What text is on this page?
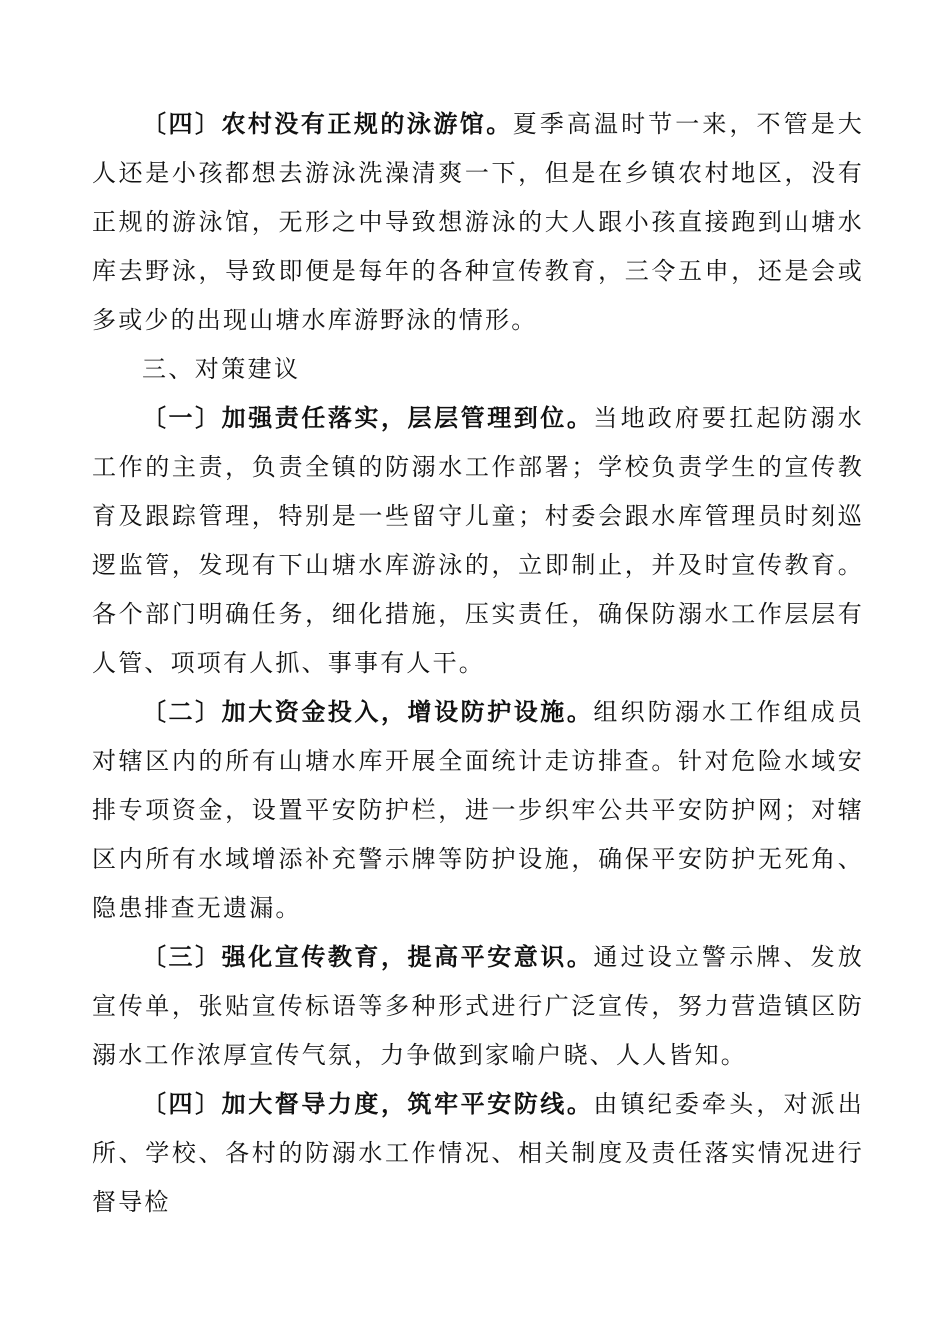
〔四〕农村没有正规的泳游馆。夏季高温时节一来，不管是大人还是小孩都想去游泳洗澡清爽一下，但是在乡镇农村地区，没有正规的游泳馆，无形之中导致想游泳的大人跟小孩直接跑到山塘水库去野泳，导致即便是每年的各种宣传教育，三令五申，还是会或多或少的出现山塘水库游野泳的情形。

三、对策建议

〔一〕加强责任落实，层层管理到位。当地政府要扛起防溺水工作的主责，负责全镇的防溺水工作部署；学校负责学生的宣传教育及跟踪管理，特别是一些留守儿童；村委会跟水库管理员时刻巡逻监管，发现有下山塘水库游泳的，立即制止，并及时宣传教育。各个部门明确任务，细化措施，压实责任，确保防溺水工作层层有人管、项项有人抓、事事有人干。

〔二〕加大资金投入，增设防护设施。组织防溺水工作组成员对辖区内的所有山塘水库开展全面统计走访排查。针对危险水域安排专项资金，设置平安防护栏，进一步织牢公共平安防护网；对辖区内所有水域增添补充警示牌等防护设施，确保平安防护无死角、隐患排查无遗漏。

〔三〕强化宣传教育，提高平安意识。通过设立警示牌、发放宣传单，张贴宣传标语等多种形式进行广泛宣传，努力营造镇区防溺水工作浓厚宣传气氛，力争做到家喻户晓、人人皆知。

〔四〕加大督导力度，筑牢平安防线。由镇纪委牵头，对派出所、学校、各村的防溺水工作情况、相关制度及责任落实情况进行督导检
